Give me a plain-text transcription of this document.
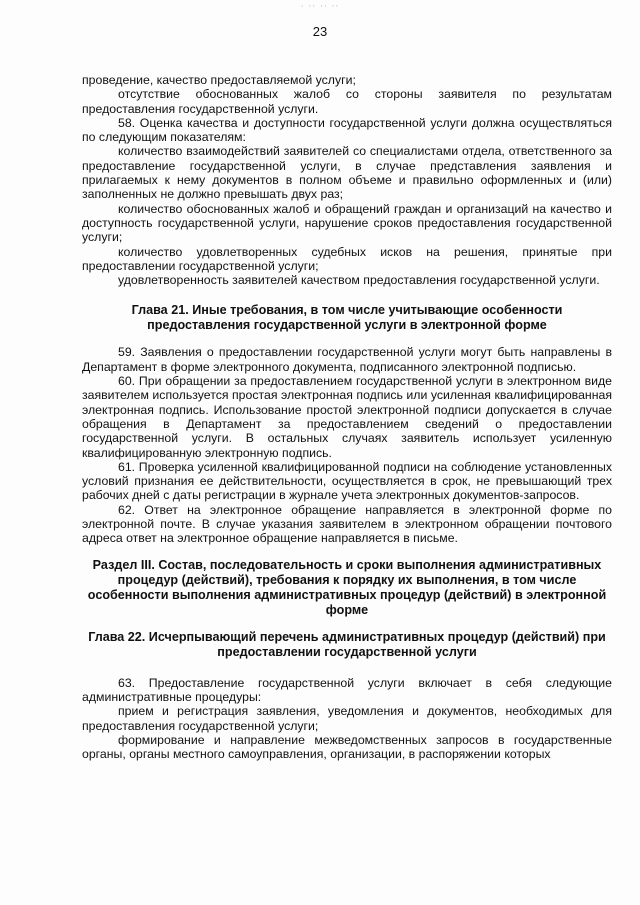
· ·· ·· ··
23

проведение, качество предоставляемой услуги;

отсутствие обоснованных жалоб со стороны заявителя по результатам предоставления государственной услуги.

58. Оценка качества и доступности государственной услуги должна осуществляться по следующим показателям:

количество взаимодействий заявителей со специалистами отдела, ответственного за предоставление государственной услуги, в случае представления заявления и прилагаемых к нему документов в полном объеме и правильно оформленных и (или) заполненных не должно превышать двух раз;

количество обоснованных жалоб и обращений граждан и организаций на качество и доступность государственной услуги, нарушение сроков предоставления государственной услуги;

количество удовлетворенных судебных исков на решения, принятые при предоставлении государственной услуги;

удовлетворенность заявителей качеством предоставления государственной услуги.

Глава 21. Иные требования, в том числе учитывающие особенности предоставления государственной услуги в электронной форме

59. Заявления о предоставлении государственной услуги могут быть направлены в Департамент в форме электронного документа, подписанного электронной подписью.

60. При обращении за предоставлением государственной услуги в электронном виде заявителем используется простая электронная подпись или усиленная квалифицированная электронная подпись. Использование простой электронной подписи допускается в случае обращения в Департамент за предоставлением сведений о предоставлении государственной услуги. В остальных случаях заявитель использует усиленную квалифицированную электронную подпись.

61. Проверка усиленной квалифицированной подписи на соблюдение установленных условий признания ее действительности, осуществляется в срок, не превышающий трех рабочих дней с даты регистрации в журнале учета электронных документов-запросов.

62. Ответ на электронное обращение направляется в электронной форме по электронной почте. В случае указания заявителем в электронном обращении почтового адреса ответ на электронное обращение направляется в письме.

Раздел III. Состав, последовательность и сроки выполнения административных процедур (действий), требования к порядку их выполнения, в том числе особенности выполнения административных процедур (действий) в электронной форме

Глава 22. Исчерпывающий перечень административных процедур (действий) при предоставлении государственной услуги

63. Предоставление государственной услуги включает в себя следующие административные процедуры:

прием и регистрация заявления, уведомления и документов, необходимых для предоставления государственной услуги;

формирование и направление межведомственных запросов в государственные органы, органы местного самоуправления, организации, в распоряжении которых
